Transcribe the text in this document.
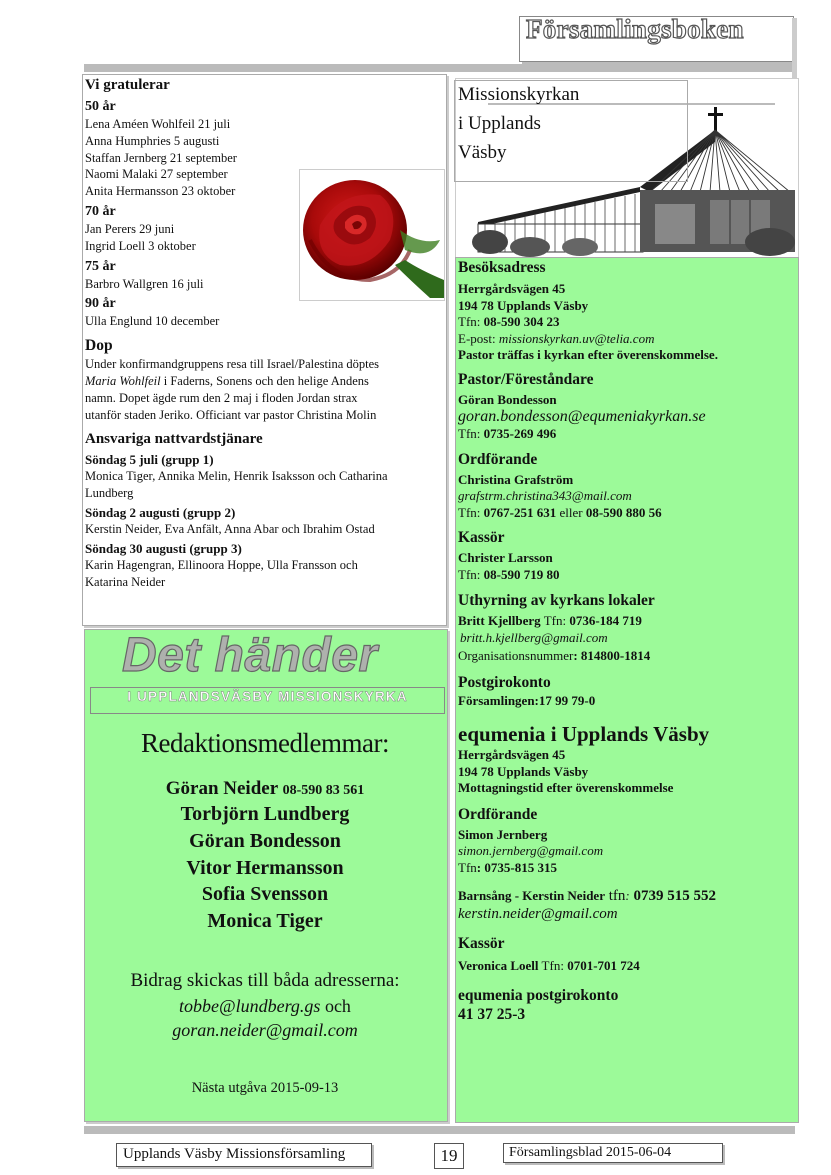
Församlingsboken
Vi gratulerar
50 år
Lena Améen Wohlfeil 21 juli
Anna Humphries 5 augusti
Staffan Jernberg 21 september
Naomi Malaki 27 september
Anita Hermansson 23 oktober
70 år
Jan Perers 29 juni
Ingrid Loell 3 oktober
75 år
Barbro Wallgren 16 juli
90 år
Ulla Englund 10 december
Dop
Under konfirmandgruppens resa till Israel/Palestina döptes
Maria Wohlfeil i Faderns, Sonens och den helige Andens
namn. Dopet ägde rum den 2 maj i floden Jordan strax
utanför staden Jeriko. Officiant var pastor Christina Molin
Ansvariga nattvardstjänare
Söndag 5 juli (grupp 1)
Monica Tiger, Annika Melin, Henrik Isaksson och Catharina
Lundberg
Söndag 2 augusti (grupp 2)
Kerstin Neider, Eva Anfält, Anna Abar och Ibrahim Ostad
Söndag 30 augusti (grupp 3)
Karin Hagengran, Ellinoora Hoppe, Ulla Fransson och
Katarina Neider
Det händer
I UPPLANDSVÄSBY MISSIONSKYRKA
Redaktionsmedlemmar:
Göran Neider 08-590 83 561
Torbjörn Lundberg
Göran Bondesson
Vitor Hermansson
Sofia Svensson
Monica Tiger
Bidrag skickas till båda adresserna:
tobbe@lundberg.gs och
goran.neider@gmail.com
Nästa utgåva 2015-09-13
Missionskyrkan
i Upplands
Väsby
Besöksadress
Herrgårdsvägen 45
194 78 Upplands Väsby
Tfn: 08-590 304 23
E-post: missionskyrkan.uv@telia.com
Pastor träffas i kyrkan efter överenskommelse.
Pastor/Föreståndare
Göran Bondesson
goran.bondesson@equmeniakyrkan.se
Tfn: 0735-269 496
Ordförande
Christina Grafström
grafstrm.christina343@mail.com
Tfn: 0767-251 631 eller 08-590 880 56
Kassör
Christer Larsson
Tfn: 08-590 719 80
Uthyrning av kyrkans lokaler
Britt Kjellberg Tfn: 0736-184 719
britt.h.kjellberg@gmail.com
Organisationsnummer: 814800-1814
Postgirokonto
Församlingen:17 99 79-0
equmenia i Upplands Väsby
Herrgårdsvägen 45
194 78 Upplands Väsby
Mottagningstid efter överenskommelse
Ordförande
Simon Jernberg
simon.jernberg@gmail.com
Tfn: 0735-815 315
Barnsång - Kerstin Neider tfn: 0739 515 552
kerstin.neider@gmail.com
Kassör
Veronica Loell Tfn: 0701-701 724
equmenia postgirokonto
41 37 25-3
Upplands Väsby Missionsförsamling	19	Församlingsblad 2015-06-04
